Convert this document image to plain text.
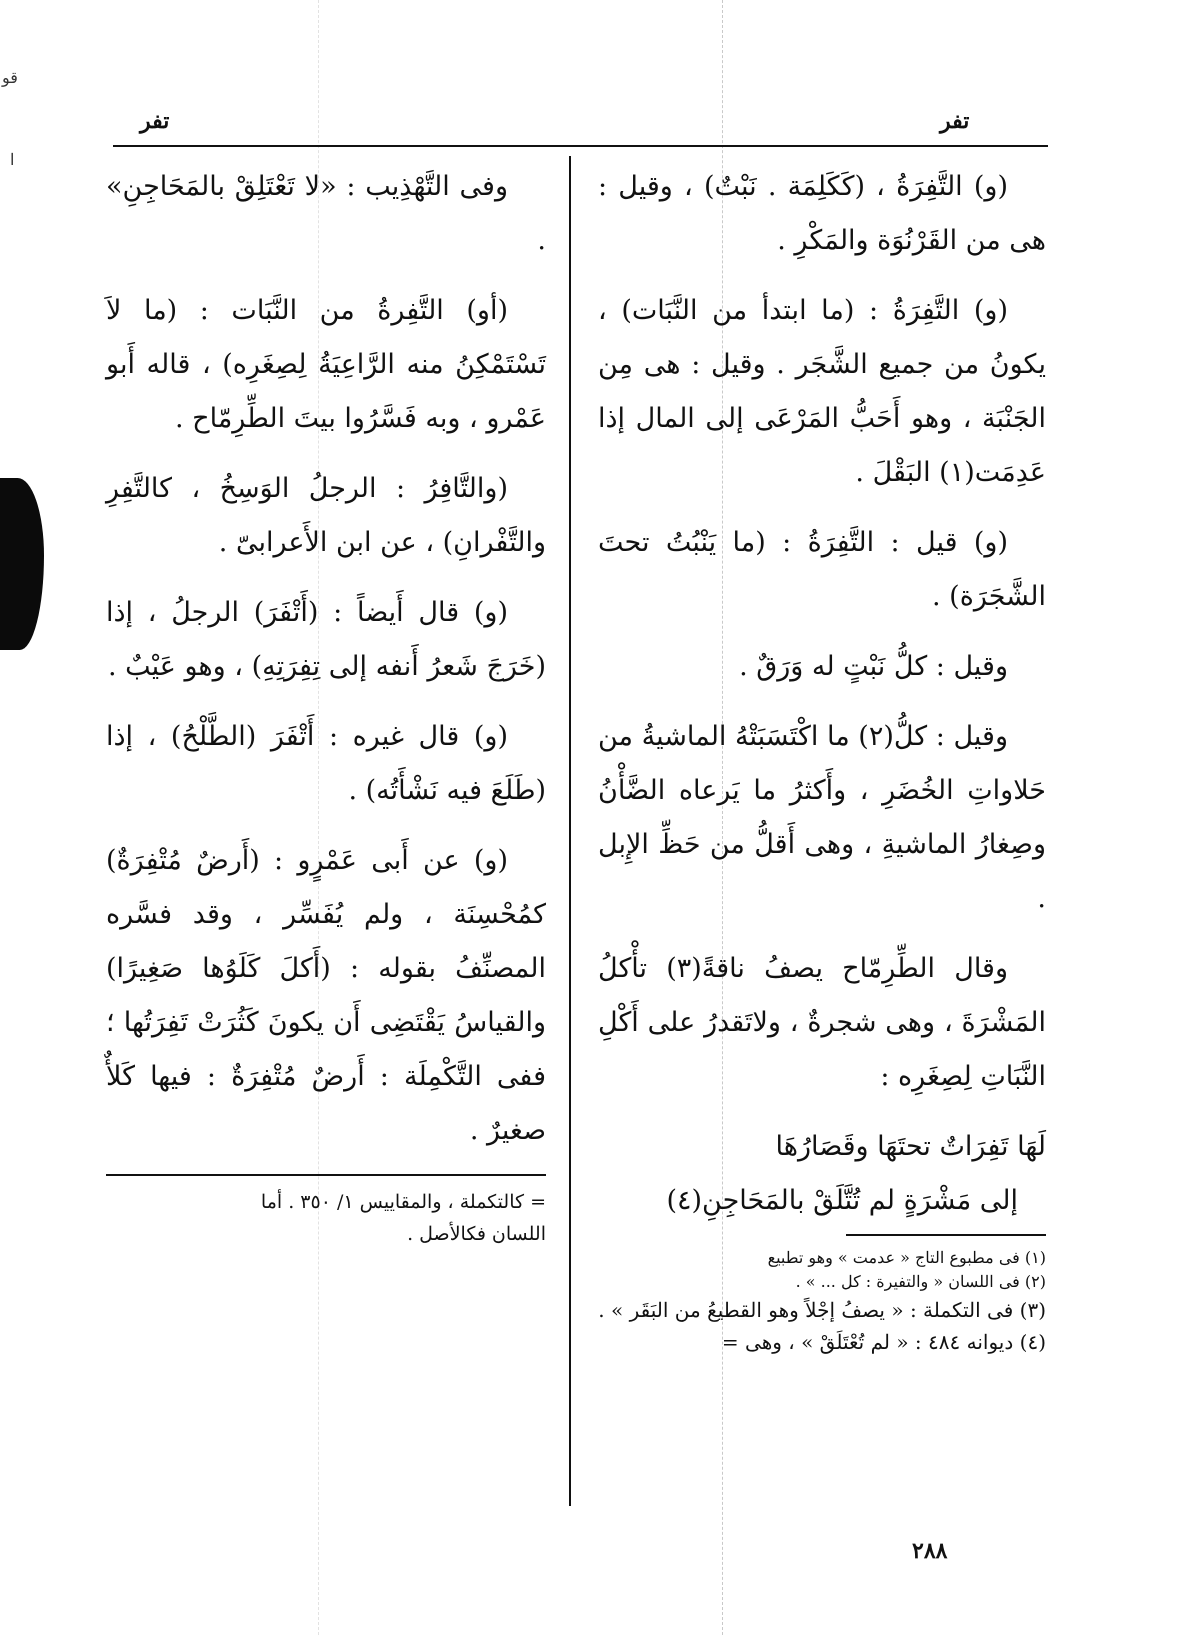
قو
ا
تفر	تفر

(و) التَّفِرَةُ ، (كَكَلِمَة . نَبْتٌ) ، وقيل : هى من القَرْنُوَة والمَكْرِ .

(و) التَّفِرَةُ : (ما ابتدأ من النَّبَات) ، يكونُ من جميع الشَّجَر . وقيل : هى مِن الجَنْبَة ، وهو أَحَبُّ المَرْعَى إلى المال إذا عَدِمَت(١) البَقْلَ .

(و) قيل : التَّفِرَةُ : (ما يَنْبُتُ تحتَ الشَّجَرَة) .

وقيل : كلُّ نَبْتٍ له وَرَقٌ .

وقيل : كلُّ(٢) ما اكْتَسَبَتْهُ الماشيةُ من حَلاواتِ الخُضَرِ ، وأَكثرُ ما يَرعاه الضَّأْنُ وصِغارُ الماشيةِ ، وهى أَقلُّ من حَظِّ الإِبل .

وقال الطِّرِمّاح يصفُ ناقةً(٣) تأْكلُ المَشْرَةَ ، وهى شجرةٌ ، ولاتَقدرُ على أَكْلِ النَّبَاتِ لِصِغَرِه :

لَهَا تَفِرَاتٌ تحتَهَا وقَصَارُهَا
إلى مَشْرَةٍ لم تُتَّلَقْ بالمَحَاجِنِ(٤)

(١) فى مطبوع التاج « عدمت » وهو تطبيع

(٢) فى اللسان « والتفيرة : كل ... » .

(٣) فى التكملة : « يصفُ إجْلاً وهو القطيعُ من البَقَر » .

(٤) ديوانه ٤٨٤ : « لم تُعْتَلَقْ » ، وهى =

وفى التَّهْذِيب : «لا تَعْتَلِقْ بالمَحَاجِنِ» .

(أو) التَّفِرةُ من النَّبَات : (ما لاَ تَسْتَمْكِنُ منه الرَّاعِيَةُ لِصِغَرِه) ، قاله أَبو عَمْرو ، وبه فَسَّرُوا بيتَ الطِّرِمّاح .

(والتَّافِرُ : الرجلُ الوَسِخُ ، كالتَّفِرِ والتَّفْرانِ) ، عن ابن الأَعرابىّ .

(و) قال أَيضاً : (أَتْفَرَ) الرجلُ ، إذا (خَرَجَ شَعرُ أَنفه إلى تِفِرَتِهِ) ، وهو عَيْبٌ .

(و) قال غيره : أَتْفَرَ (الطَّلْحُ) ، إذا (طَلَعَ فيه نَشْأَتُه) .

(و) عن أَبى عَمْرٍو : (أَرضٌ مُتْفِرَةٌ) كمُحْسِنَة ، ولم يُفَسِّر ، وقد فسَّره المصنِّفُ بقوله : (أَكلَ كَلَوُها صَغِيرًا) والقياسُ يَقْتَضِى أَن يكونَ كَثُرَتْ تَفِرَتُها ؛ ففى التَّكْمِلَة : أَرضٌ مُتْفِرَةٌ : فيها كَلأٌ صغيرٌ .

= كالتكملة ، والمقاييس ١/ ٣٥٠ . أما

اللسان فكالأصل .

٢٨٨
